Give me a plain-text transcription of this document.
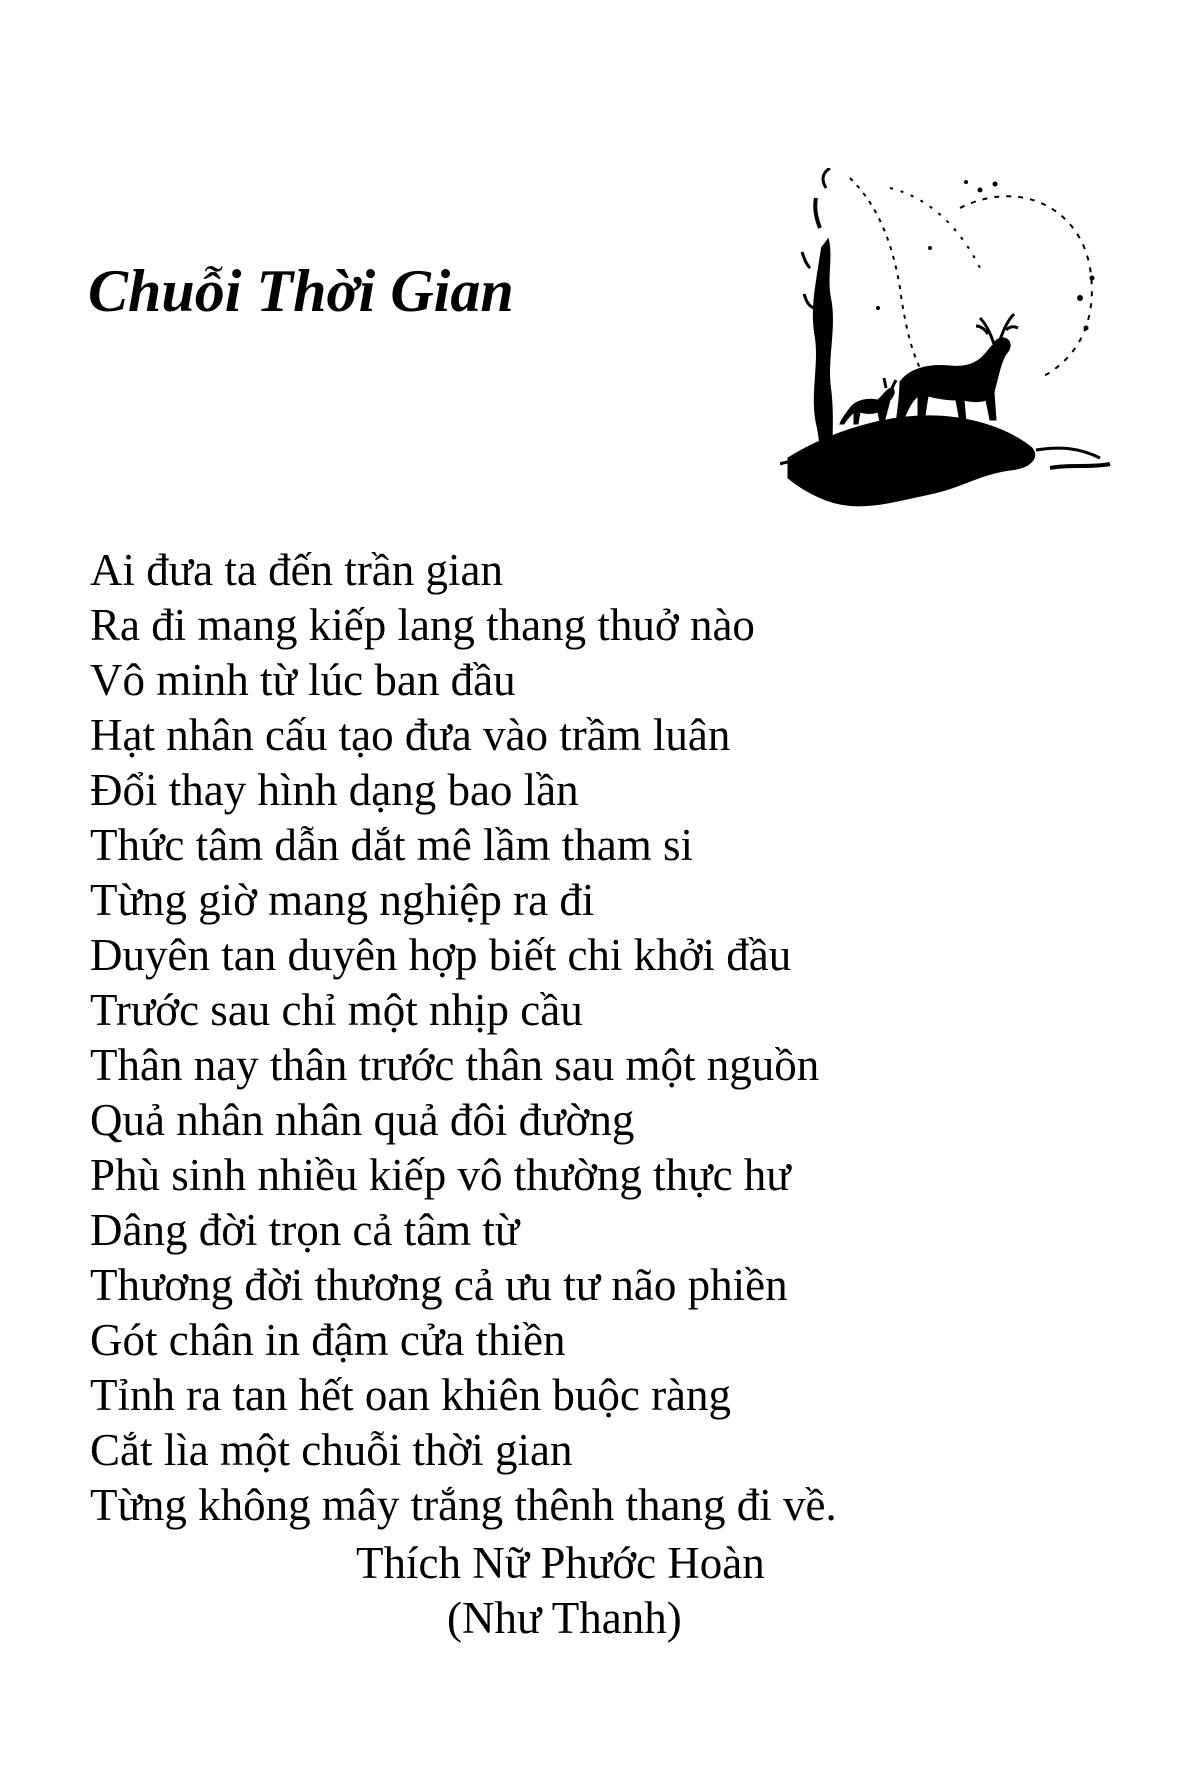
Chuỗi Thời Gian
Ai đưa ta đến trần gian
Ra đi mang kiếp lang thang thuở nào
Vô minh từ lúc ban đầu
Hạt nhân cấu tạo đưa vào trầm luân
Đổi thay hình dạng bao lần
Thức tâm dẫn dắt mê lầm tham si
Từng giờ mang nghiệp ra đi
Duyên tan duyên hợp biết chi khởi đầu
Trước sau chỉ một nhịp cầu
Thân nay thân trước thân sau một nguồn
Quả nhân nhân quả đôi đường
Phù sinh nhiều kiếp vô thường thực hư
Dâng đời trọn cả tâm từ
Thương đời thương cả ưu tư não phiền
Gót chân in đậm cửa thiền
Tỉnh ra tan hết oan khiên buộc ràng
Cắt lìa một chuỗi thời gian
Từng không mây trắng thênh thang đi về.
Thích Nữ Phước Hoàn
(Như Thanh)
